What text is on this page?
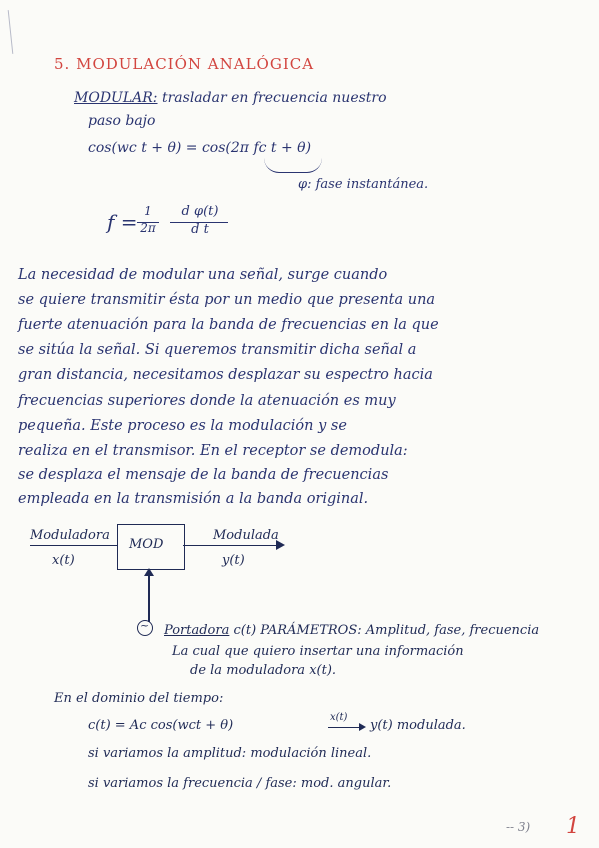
5. MODULACIÓN ANALÓGICA
MODULAR: trasladar en frecuencia nuestro
paso bajo
cos(wc t + θ) = cos(2π fc t + θ)
φ: fase instantánea.
f = 1
2π
d φ(t)
d t
La necesidad de modular una señal, surge cuando
se quiere transmitir ésta por un medio que presenta una
fuerte atenuación para la banda de frecuencias en la que
se sitúa la señal. Si queremos transmitir dicha señal a
gran distancia, necesitamos desplazar su espectro hacia
frecuencias superiores donde la atenuación es muy
pequeña. Este proceso es la modulación y se
realiza en el transmisor. En el receptor se demodula:
se desplaza el mensaje de la banda de frecuencias
empleada en la transmisión a la banda original.
Moduladora
x(t)
MOD
Modulada
y(t)
~ Portadora c(t) PARÁMETROS: Amplitud, fase, frecuencia
La cual que quiero insertar una información
de la moduladora x(t).
En el dominio del tiempo:
c(t) = Ac cos(wct + θ)
x(t)
y(t) modulada.
si variamos la amplitud: modulación lineal.
si variamos la frecuencia / fase: mod. angular.
-- 3) 1
